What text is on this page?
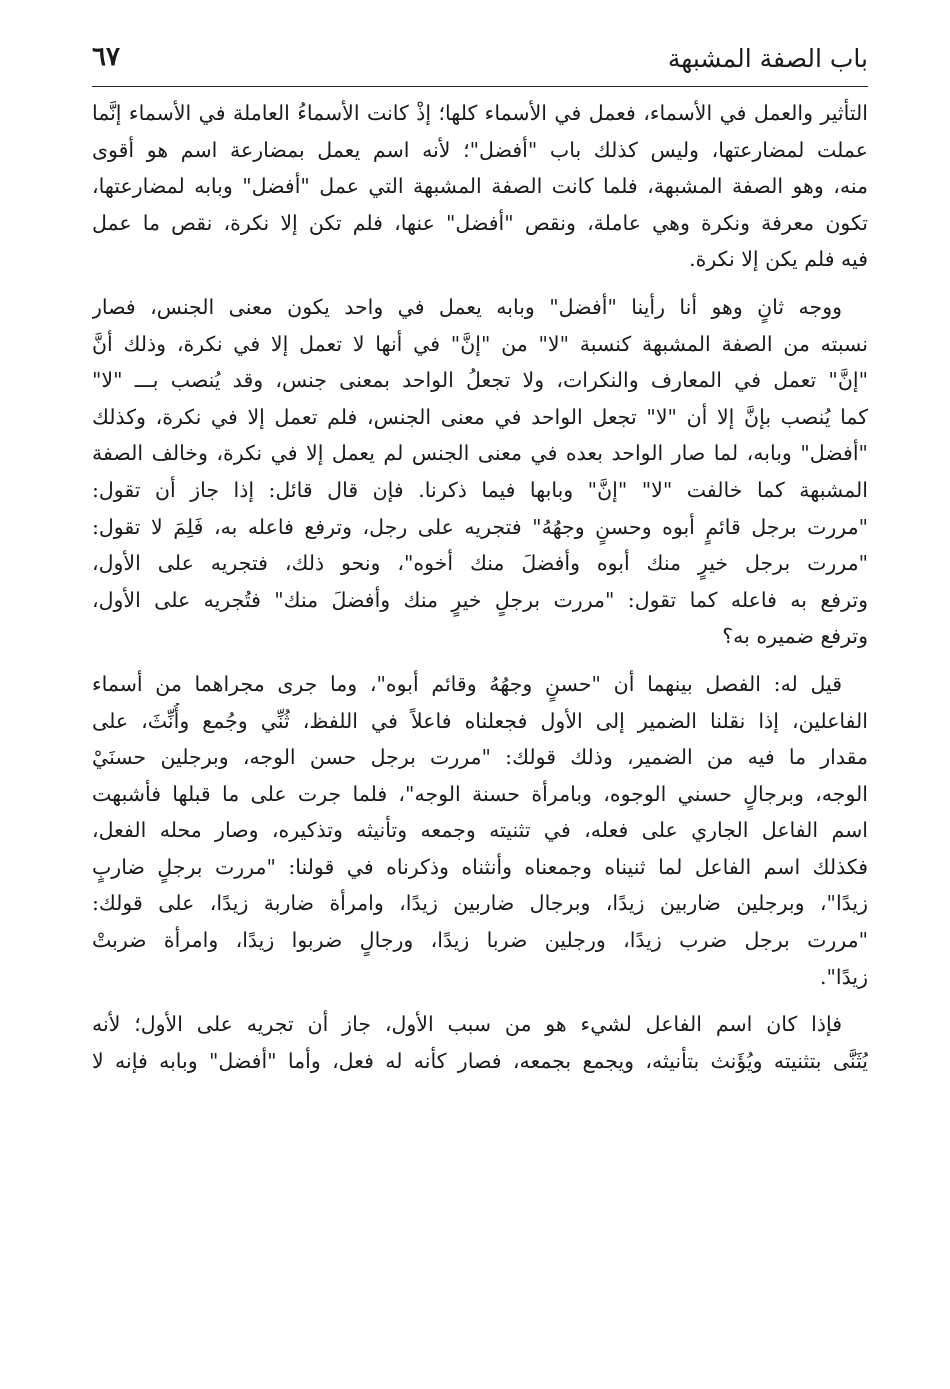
باب الصفة المشبهة
٦٧

التأثير والعمل في الأسماء، فعمل في الأسماء كلها؛ إذْ كانت الأسماءُ العاملة في الأسماء إنَّما
عملت لمضارعتها، وليس كذلك باب "أفضل"؛ لأنه اسم يعمل بمضارعة اسم هو أقوى
منه، وهو الصفة المشبهة، فلما كانت الصفة المشبهة التي عمل "أفضل" وبابه لمضارعتها،
تكون معرفة ونكرة وهي عاملة، ونقص "أفضل" عنها، فلم تكن إلا نكرة، نقص ما عمل
فيه فلم يكن إلا نكرة.

ووجه ثانٍ وهو أنا رأينا "أفضل" وبابه يعمل في واحد يكون معنى الجنس، فصار
نسبته من الصفة المشبهة كنسبة "لا" من "إنَّ" في أنها لا تعمل إلا في نكرة، وذلك أنَّ
"إنَّ" تعمل في المعارف والنكرات، ولا تجعلُ الواحد بمعنى جنس، وقد يُنصب بـــ "لا"
كما يُنصب بإنَّ إلا أن "لا" تجعل الواحد في معنى الجنس، فلم تعمل إلا في نكرة، وكذلك
"أفضل" وبابه، لما صار الواحد بعده في معنى الجنس لم يعمل إلا في نكرة، وخالف الصفة
المشبهة كما خالفت "لا" "إنَّ" وبابها فيما ذكرنا. فإن قال قائل: إذا جاز أن تقول:
"مررت برجل قائمٍ أبوه وحسنٍ وجهُهُ" فتجريه على رجل، وترفع فاعله به، فَلِمَ لا تقول:
"مررت برجل خيرٍ منك أبوه وأفضلَ منك أخوه"، ونحو ذلك، فتجريه على الأول،
وترفع به فاعله كما تقول: "مررت برجلٍ خيرٍ منك وأفضلَ منك" فتُجريه على الأول،
وترفع ضميره به؟

قيل له: الفصل بينهما أن "حسنٍ وجهُهُ وقائم أبوه"، وما جرى مجراهما من أسماء
الفاعلين، إذا نقلنا الضمير إلى الأول فجعلناه فاعلاً في اللفظ، ثُنِّي وجُمع وأُنِّثَ، على
مقدار ما فيه من الضمير، وذلك قولك: "مررت برجل حسن الوجه، وبرجلين حسنَيْ
الوجه، وبرجالٍ حسني الوجوه، وبامرأة حسنة الوجه"، فلما جرت على ما قبلها فأشبهت
اسم الفاعل الجاري على فعله، في تثنيته وجمعه وتأنيثه وتذكيره، وصار محله الفعل،
فكذلك اسم الفاعل لما ثنيناه وجمعناه وأنثناه وذكرناه في قولنا: "مررت برجلٍ ضاربٍ
زيدًا"، وبرجلين ضاربين زيدًا، وبرجال ضاربين زيدًا، وامرأة ضاربة زيدًا، على قولك:
"مررت برجل ضرب زيدًا، ورجلين ضربا زيدًا، ورجالٍ ضربوا زيدًا، وامرأة ضربتْ
زيدًا".

فإذا كان اسم الفاعل لشيء هو من سبب الأول، جاز أن تجريه على الأول؛ لأنه
يُثَنَّى بتثنيته ويُؤَنث بتأنيثه، ويجمع بجمعه، فصار كأنه له فعل، وأما "أفضل" وبابه فإنه لا
